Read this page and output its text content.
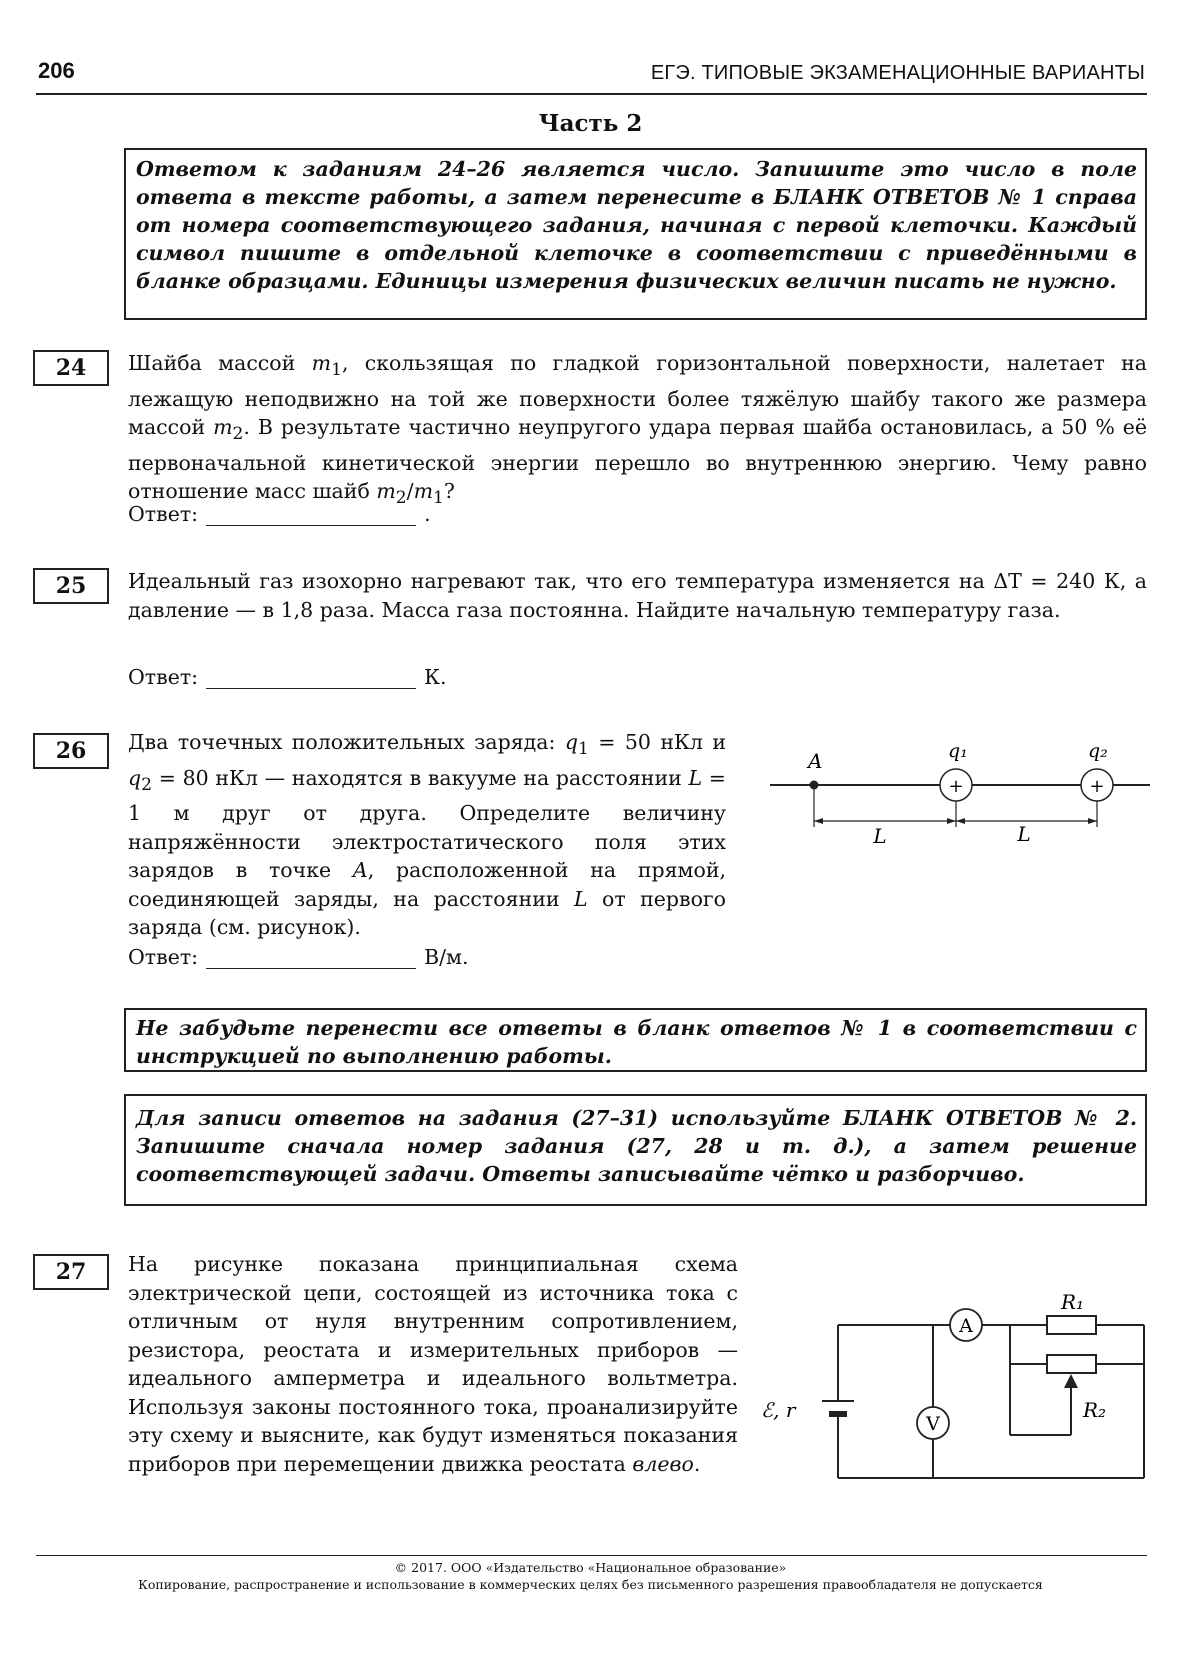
206	ЕГЭ. ТИПОВЫЕ ЭКЗАМЕНАЦИОННЫЕ ВАРИАНТЫ
Часть 2

Ответом к заданиям 24–26 является число. Запишите это число в поле ответа в тексте работы, а затем перенесите в БЛАНК ОТВЕТОВ № 1 справа от номера соответствующего задания, начиная с первой клеточки. Каждый символ пишите в отдельной клеточке в соответствии с приведёнными в бланке образцами. Единицы измерения физических величин писать не нужно.

24	Шайба массой $m_1$, скользящая по гладкой горизонтальной поверхности, налетает на лежащую неподвижно на той же поверхности более тяжёлую шайбу такого же размера массой $m_2$. В результате частично неупругого удара первая шайба остановилась, а 50 % её первоначальной кинетической энергии перешло во внутреннюю энергию. Чему равно отношение масс шайб $m_2/m_1$?

Ответ:	.
25	Идеальный газ изохорно нагревают так, что его температура изменяется на ΔT = 240 К, а давление — в 1,8 раза. Масса газа постоянна. Найдите начальную температуру газа.

Ответ:	К.
26	Два точечных положительных заряда: $q_1 = 50$ нКл и $q_2 = 80$ нКл — находятся в вакууме на расстоянии L = 1 м друг от друга. Определите величину напряжённости электростатического поля этих зарядов в точке A, расположенной на прямой, соединяющей заряды, на расстоянии L от первого заряда (см. рисунок).

Ответ:	В/м.
A
+
q₁
+
q₂
L	L

Не забудьте перенести все ответы в бланк ответов № 1 в соответствии с инструкцией по выполнению работы.

Для записи ответов на задания (27–31) используйте БЛАНК ОТВЕТОВ № 2. Запишите сначала номер задания (27, 28 и т. д.), а затем решение соответствующей задачи. Ответы записывайте чётко и разборчиво.

27	На рисунке показана принципиальная схема электрической цепи, состоящей из источника тока с отличным от нуля внутренним сопротивлением, резистора, реостата и измерительных приборов — идеального амперметра и идеального вольтметра. Используя законы постоянного тока, проанализируйте эту схему и выясните, как будут изменяться показания приборов при перемещении движка реостата влево.

ℰ, r
A
V
R₁
R₂
© 2017. ООО «Издательство «Национальное образование»
Копирование, распространение и использование в коммерческих целях без письменного разрешения правообладателя не допускается
